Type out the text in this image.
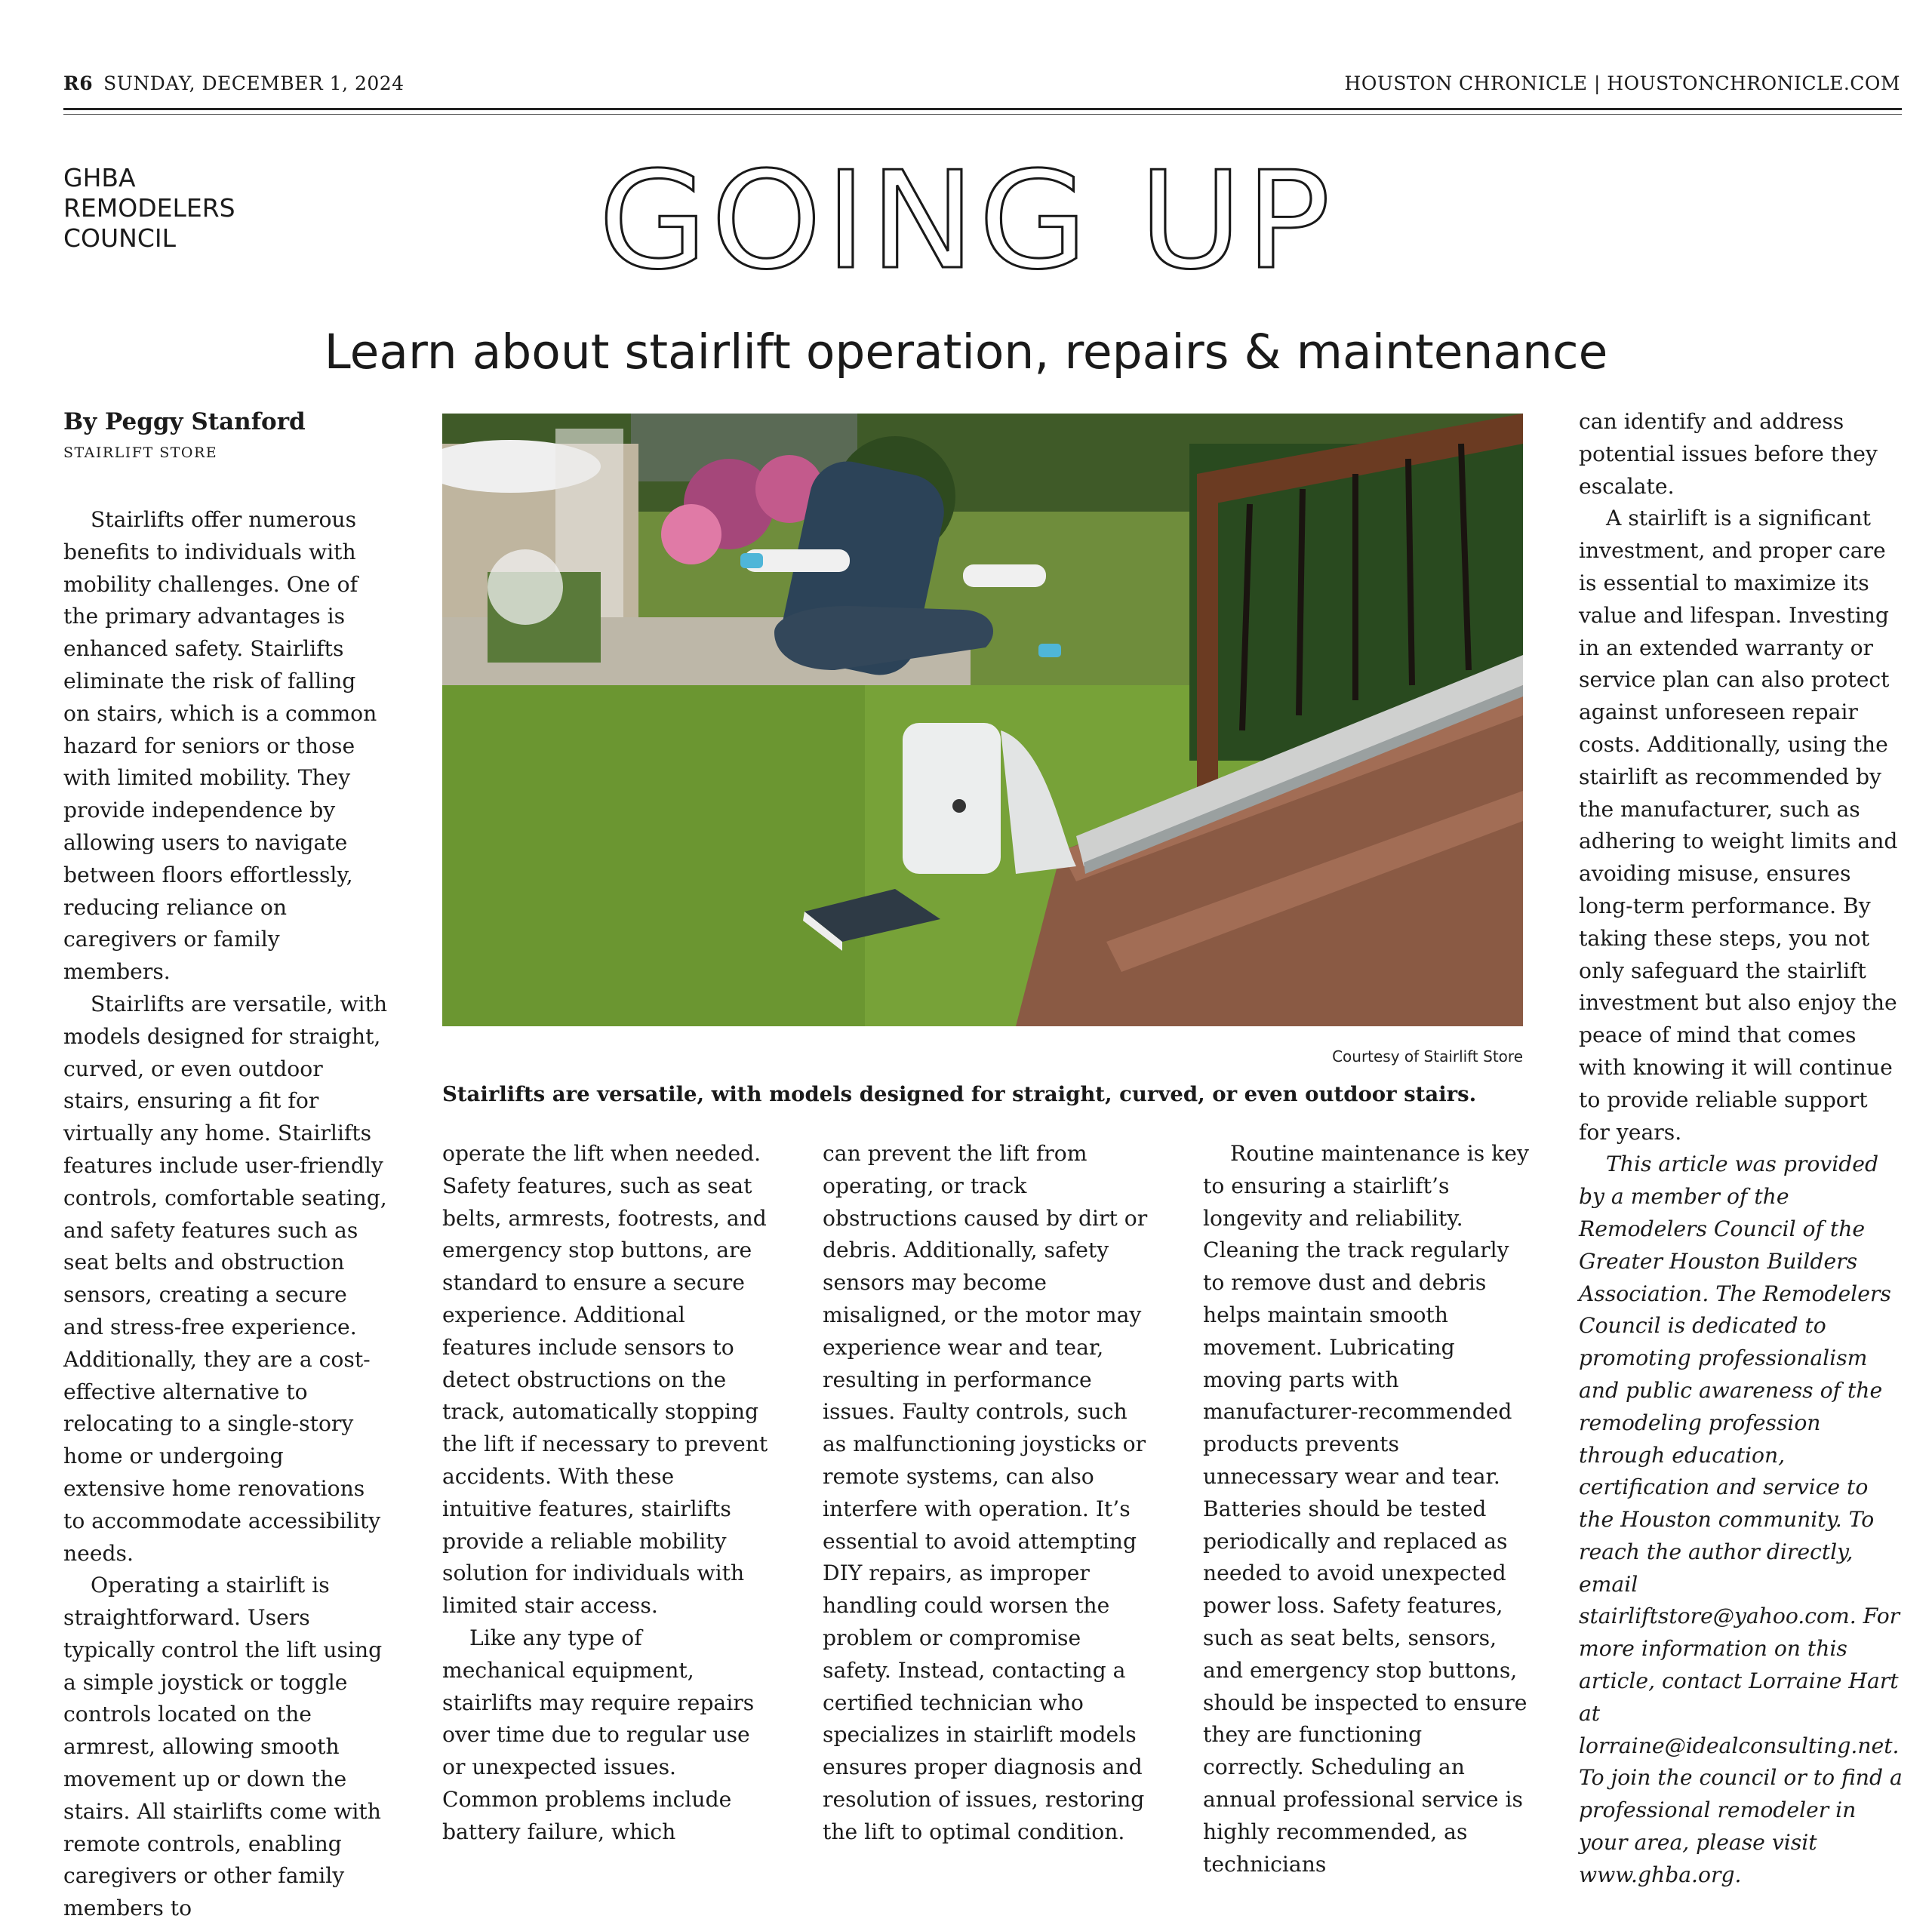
R6 SUNDAY, DECEMBER 1, 2024	HOUSTON CHRONICLE | HOUSTONCHRONICLE.COM
GHBA
REMODELERS
COUNCIL	GOING UP
Learn about stairlift operation, repairs & maintenance
By Peggy Stanford
STAIRLIFT STORE

Stairlifts offer numerous benefits to individuals with mobility challenges. One of the primary advantages is enhanced safety. Stairlifts eliminate the risk of falling on stairs, which is a common hazard for seniors or those with limited mobility. They provide independence by allowing users to navigate between floors effortlessly, reducing reliance on caregivers or family members.

Stairlifts are versatile, with models designed for straight, curved, or even outdoor stairs, ensuring a fit for virtually any home. Stairlifts features include user-friendly controls, comfortable seating, and safety features such as seat belts and obstruction sensors, creating a secure and stress-free experience. Additionally, they are a cost-effective alternative to relocating to a single-story home or undergoing extensive home renovations to accommodate accessibility needs.

Operating a stairlift is straightforward. Users typically control the lift using a simple joystick or toggle controls located on the armrest, allowing smooth movement up or down the stairs. All stairlifts come with remote controls, enabling caregivers or other family members to

Courtesy of Stairlift Store
Stairlifts are versatile, with models designed for straight, curved, or even outdoor stairs.

operate the lift when needed. Safety features, such as seat belts, armrests, footrests, and emergency stop buttons, are standard to ensure a secure experience. Additional features include sensors to detect obstructions on the track, automatically stopping the lift if necessary to prevent accidents. With these intuitive features, stairlifts provide a reliable mobility solution for individuals with limited stair access.

Like any type of mechanical equipment, stairlifts may require repairs over time due to regular use or unexpected issues. Common problems include battery failure, which

can prevent the lift from operating, or track obstructions caused by dirt or debris. Additionally, safety sensors may become misaligned, or the motor may experience wear and tear, resulting in performance issues. Faulty controls, such as malfunctioning joysticks or remote systems, can also interfere with operation. It’s essential to avoid attempting DIY repairs, as improper handling could worsen the problem or compromise safety. Instead, contacting a certified technician who specializes in stairlift models ensures proper diagnosis and resolution of issues, restoring the lift to optimal condition.

Routine maintenance is key to ensuring a stairlift’s longevity and reliability. Cleaning the track regularly to remove dust and debris helps maintain smooth movement. Lubricating moving parts with manufacturer-recommended products prevents unnecessary wear and tear. Batteries should be tested periodically and replaced as needed to avoid unexpected power loss. Safety features, such as seat belts, sensors, and emergency stop buttons, should be inspected to ensure they are functioning correctly. Scheduling an annual professional service is highly recommended, as technicians

can identify and address potential issues before they escalate.

A stairlift is a significant investment, and proper care is essential to maximize its value and lifespan. Investing in an extended warranty or service plan can also protect against unforeseen repair costs. Additionally, using the stairlift as recommended by the manufacturer, such as adhering to weight limits and avoiding misuse, ensures long-term performance. By taking these steps, you not only safeguard the stairlift investment but also enjoy the peace of mind that comes with knowing it will continue to provide reliable support for years.

This article was provided by a member of the Remodelers Council of the Greater Houston Builders Association. The Remodelers Council is dedicated to promoting professionalism and public awareness of the remodeling profession through education, certification and service to the Houston community. To reach the author directly, email stairliftstore@yahoo.com. For more information on this article, contact Lorraine Hart at lorraine@idealconsulting.net. To join the council or to find a professional remodeler in your area, please visit www.ghba.org.
